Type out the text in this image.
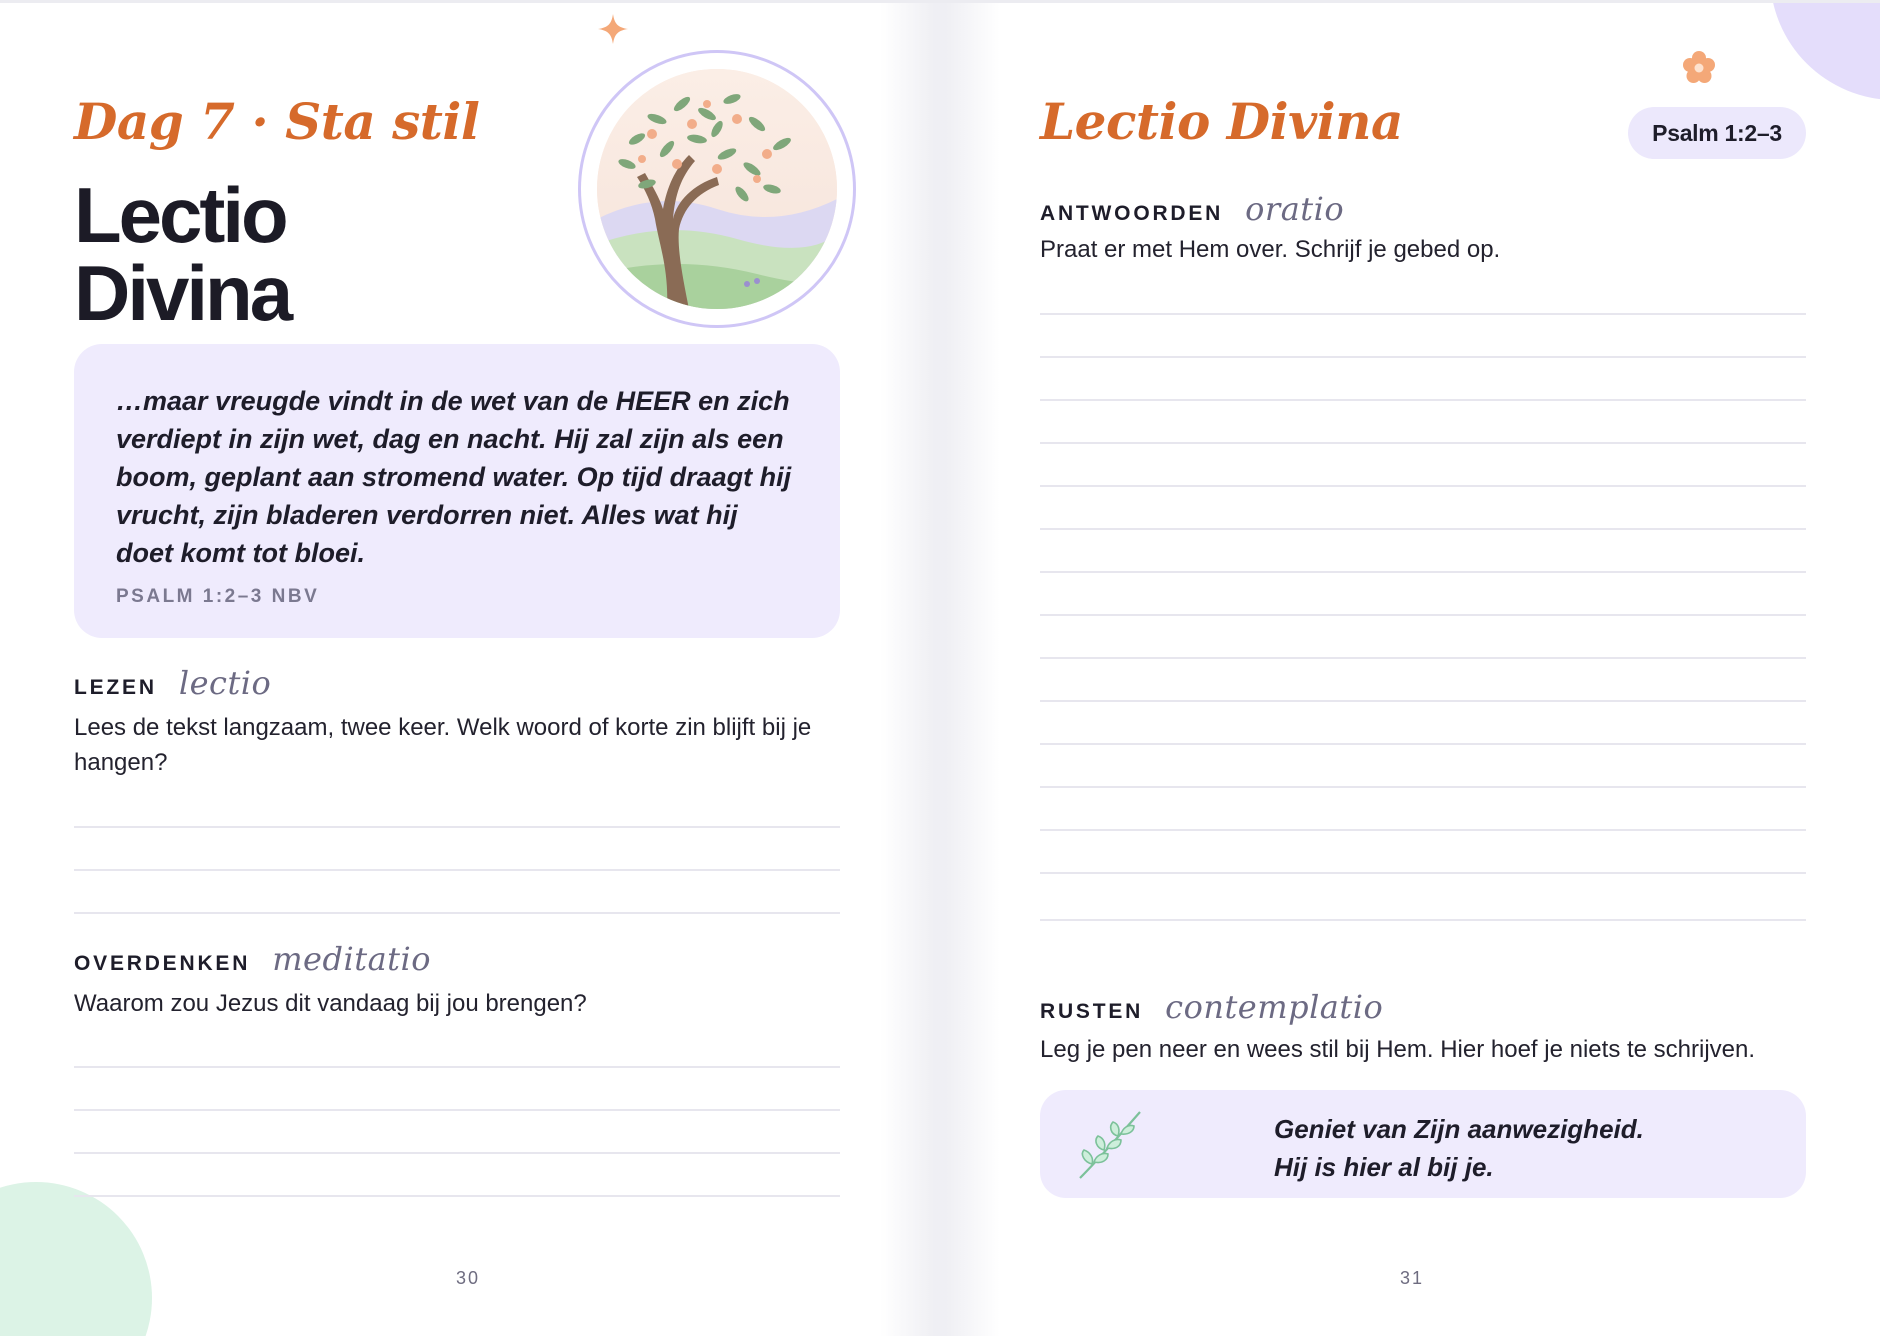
Dag 7 · Sta stil
Lectio
Divina
…maar vreugde vindt in de wet van de HEER en zich verdiept in zijn wet, dag en nacht. Hij zal zijn als een boom, geplant aan stromend water. Op tijd draagt hij vrucht, zijn bladeren verdorren niet. Alles wat hij doet komt tot bloei.
PSALM 1:2–3 NBV
LEZEN lectio
Lees de tekst langzaam, twee keer. Welk woord of korte zin blijft bij je hangen?
OVERDENKEN meditatio
Waarom zou Jezus dit vandaag bij jou brengen?
30
Lectio Divina	Psalm 1:2–3
ANTWOORDEN oratio
Praat er met Hem over. Schrijf je gebed op.
RUSTEN contemplatio
Leg je pen neer en wees stil bij Hem. Hier hoef je niets te schrijven.
Geniet van Zijn aanwezigheid.
Hij is hier al bij je.
31
